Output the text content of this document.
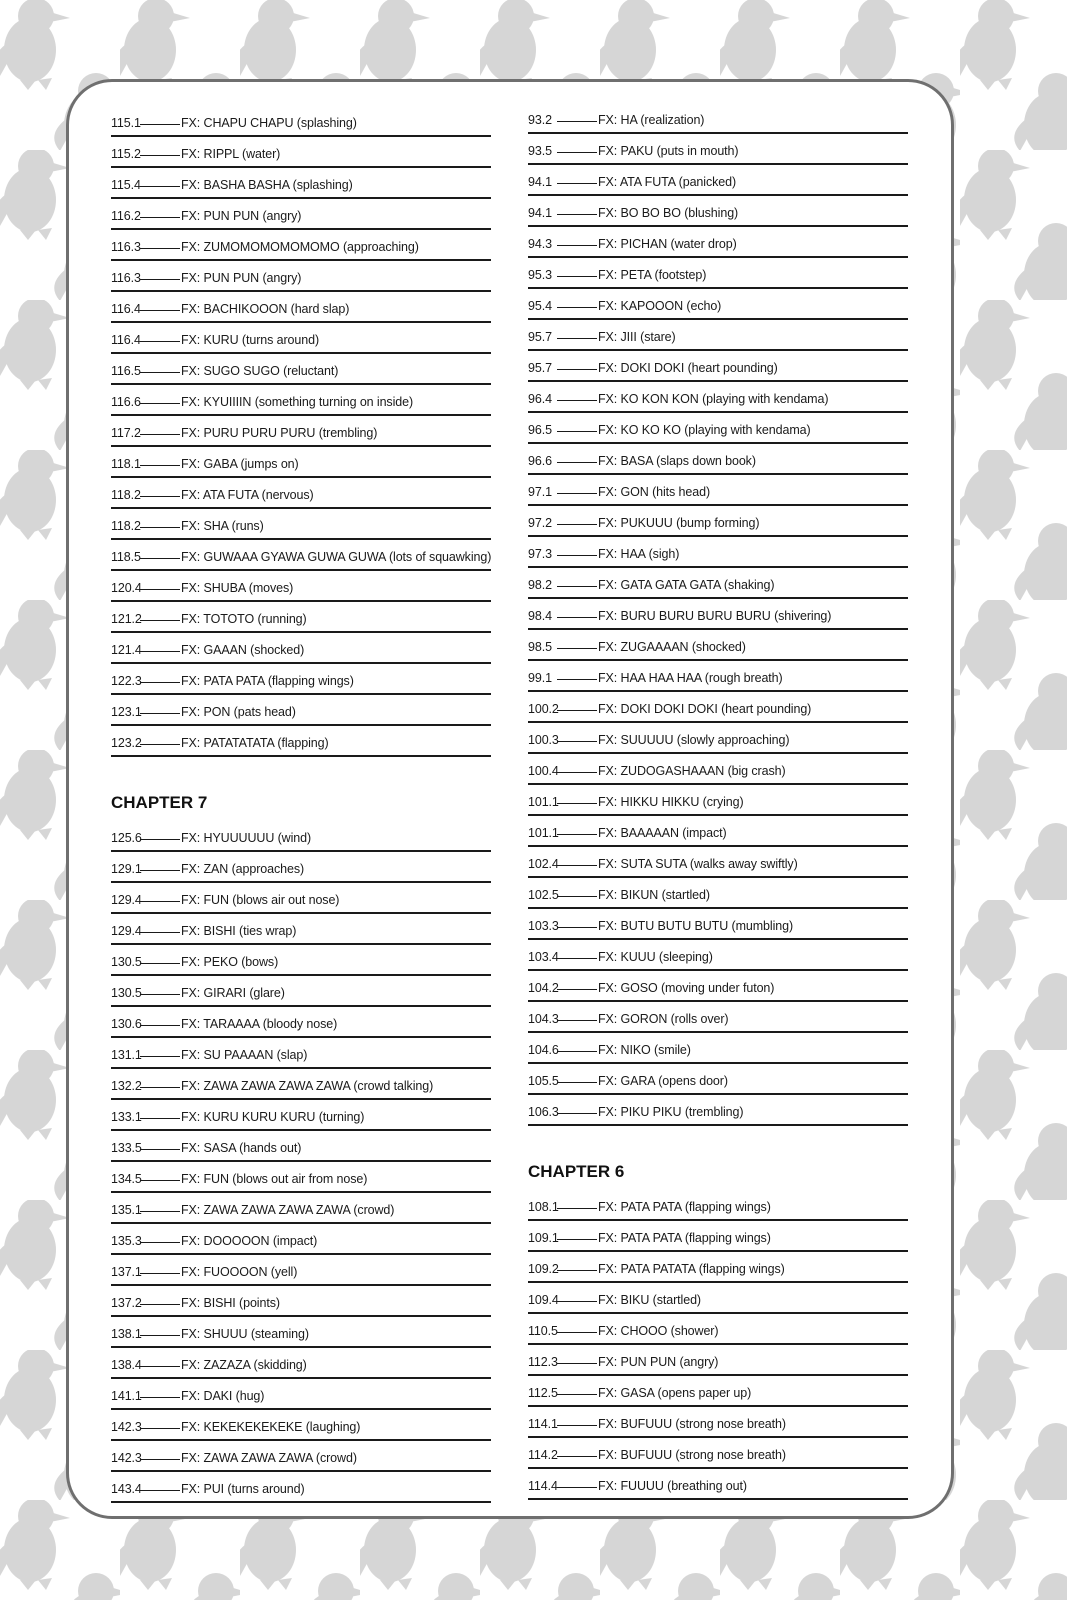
115.1	FX: CHAPU CHAPU (splashing)
115.2	FX: RIPPL (water)
115.4	FX: BASHA BASHA (splashing)
116.2	FX: PUN PUN (angry)
116.3	FX: ZUMOMOMOMOMOMO (approaching)
116.3	FX: PUN PUN (angry)
116.4	FX: BACHIKOOON (hard slap)
116.4	FX: KURU (turns around)
116.5	FX: SUGO SUGO (reluctant)
116.6	FX: KYUIIIIN (something turning on inside)
117.2	FX: PURU PURU PURU (trembling)
118.1	FX: GABA (jumps on)
118.2	FX: ATA FUTA (nervous)
118.2	FX: SHA (runs)
118.5	FX: GUWAAA GYAWA GUWA GUWA (lots of squawking)
120.4	FX: SHUBA (moves)
121.2	FX: TOTOTO (running)
121.4	FX: GAAAN (shocked)
122.3	FX: PATA PATA (flapping wings)
123.1	FX: PON (pats head)
123.2	FX: PATATATATA (flapping)
CHAPTER 7
125.6	FX: HYUUUUUU (wind)
129.1	FX: ZAN (approaches)
129.4	FX: FUN (blows air out nose)
129.4	FX: BISHI (ties wrap)
130.5	FX: PEKO (bows)
130.5	FX: GIRARI (glare)
130.6	FX: TARAAAA (bloody nose)
131.1	FX: SU PAAAAN (slap)
132.2	FX: ZAWA ZAWA ZAWA ZAWA (crowd talking)
133.1	FX: KURU KURU KURU (turning)
133.5	FX: SASA (hands out)
134.5	FX: FUN (blows out air from nose)
135.1	FX: ZAWA ZAWA ZAWA ZAWA (crowd)
135.3	FX: DOOOOON (impact)
137.1	FX: FUOOOON (yell)
137.2	FX: BISHI (points)
138.1	FX: SHUUU (steaming)
138.4	FX: ZAZAZA (skidding)
141.1	FX: DAKI (hug)
142.3	FX: KEKEKEKEKEKE (laughing)
142.3	FX: ZAWA ZAWA ZAWA (crowd)
143.4	FX: PUI (turns around)
93.2	FX: HA (realization)
93.5	FX: PAKU (puts in mouth)
94.1	FX: ATA FUTA (panicked)
94.1	FX: BO BO BO (blushing)
94.3	FX: PICHAN (water drop)
95.3	FX: PETA (footstep)
95.4	FX: KAPOOON (echo)
95.7	FX: JIII (stare)
95.7	FX: DOKI DOKI (heart pounding)
96.4	FX: KO KON KON (playing with kendama)
96.5	FX: KO KO KO (playing with kendama)
96.6	FX: BASA (slaps down book)
97.1	FX: GON (hits head)
97.2	FX: PUKUUU (bump forming)
97.3	FX: HAA (sigh)
98.2	FX: GATA GATA GATA (shaking)
98.4	FX: BURU BURU BURU BURU (shivering)
98.5	FX: ZUGAAAAN (shocked)
99.1	FX: HAA HAA HAA (rough breath)
100.2	FX: DOKI DOKI DOKI (heart pounding)
100.3	FX: SUUUUU (slowly approaching)
100.4	FX: ZUDOGASHAAAN (big crash)
101.1	FX: HIKKU HIKKU (crying)
101.1	FX: BAAAAAN (impact)
102.4	FX: SUTA SUTA (walks away swiftly)
102.5	FX: BIKUN (startled)
103.3	FX: BUTU BUTU BUTU (mumbling)
103.4	FX: KUUU (sleeping)
104.2	FX: GOSO (moving under futon)
104.3	FX: GORON (rolls over)
104.6	FX: NIKO (smile)
105.5	FX: GARA (opens door)
106.3	FX: PIKU PIKU (trembling)
CHAPTER 6
108.1	FX: PATA PATA (flapping wings)
109.1	FX: PATA PATA (flapping wings)
109.2	FX: PATA PATATA (flapping wings)
109.4	FX: BIKU (startled)
110.5	FX: CHOOO (shower)
112.3	FX: PUN PUN (angry)
112.5	FX: GASA (opens paper up)
114.1	FX: BUFUUU (strong nose breath)
114.2	FX: BUFUUU (strong nose breath)
114.4	FX: FUUUU (breathing out)
